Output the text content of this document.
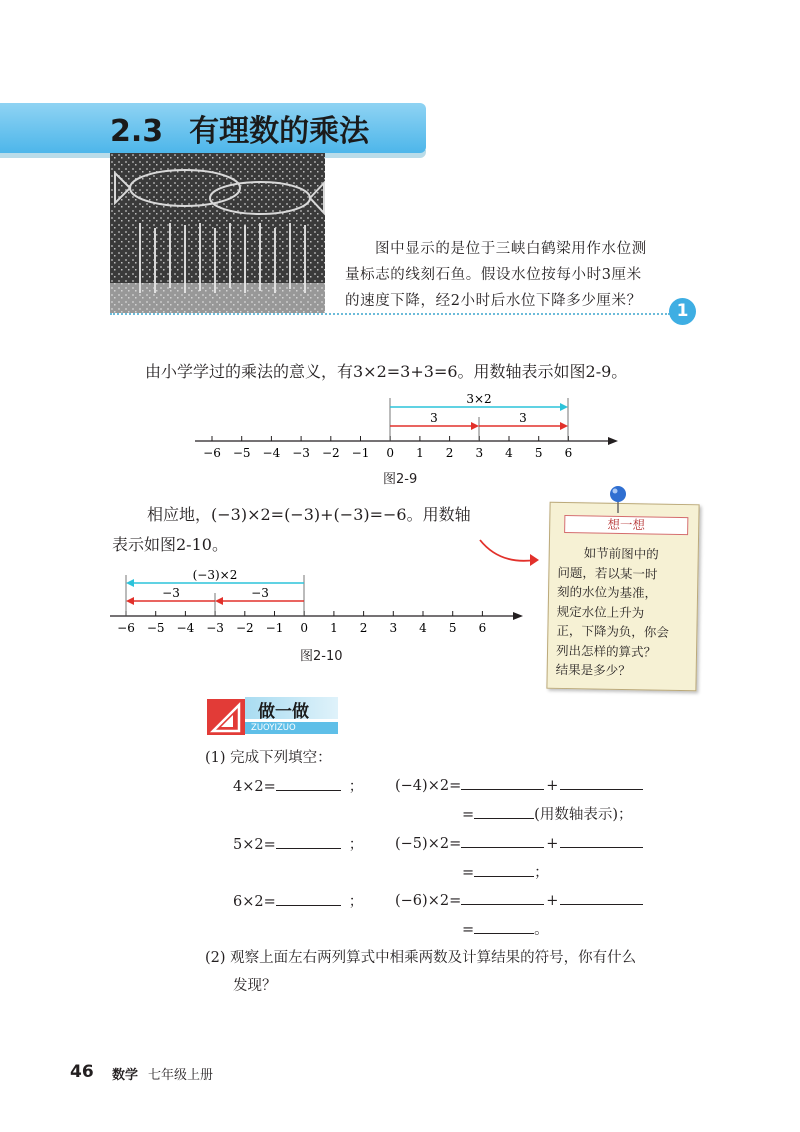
2.3 有理数的乘法
图中显示的是位于三峡白鹤梁用作水位测
量标志的线刻石鱼。假设水位按每小时3厘米
的速度下降，经2小时后水位下降多少厘米？	1
由小学学过的乘法的意义，有3×2=3+3=6。用数轴表示如图2-9。
−6 −5 −4 −3 −2 −1 0 1 2 3 4 5 6
3×2
3	3
图2-9
相应地，(−3)×2=(−3)+(−3)=−6。用数轴
表示如图2-10。
−6 −5 −4 −3 −2 −1 0 1 2 3 4 5 6
(−3)×2
−3
−3
图2-10
想一想
如节前图中的
问题，若以某一时
刻的水位为基准，
规定水位上升为
正，下降为负，你会
列出怎样的算式？
结果是多少？
做一做
ZUOYIZUO
(1) 完成下列填空：
4×2=	； (−4)×2=	+
=	(用数轴表示)；
5×2=	； (−5)×2=	+
=	；
6×2=	； (−6)×2=	+
=	。
(2) 观察上面左右两列算式中相乘两数及计算结果的符号，你有什么
发现？
46 数学 七年级上册
